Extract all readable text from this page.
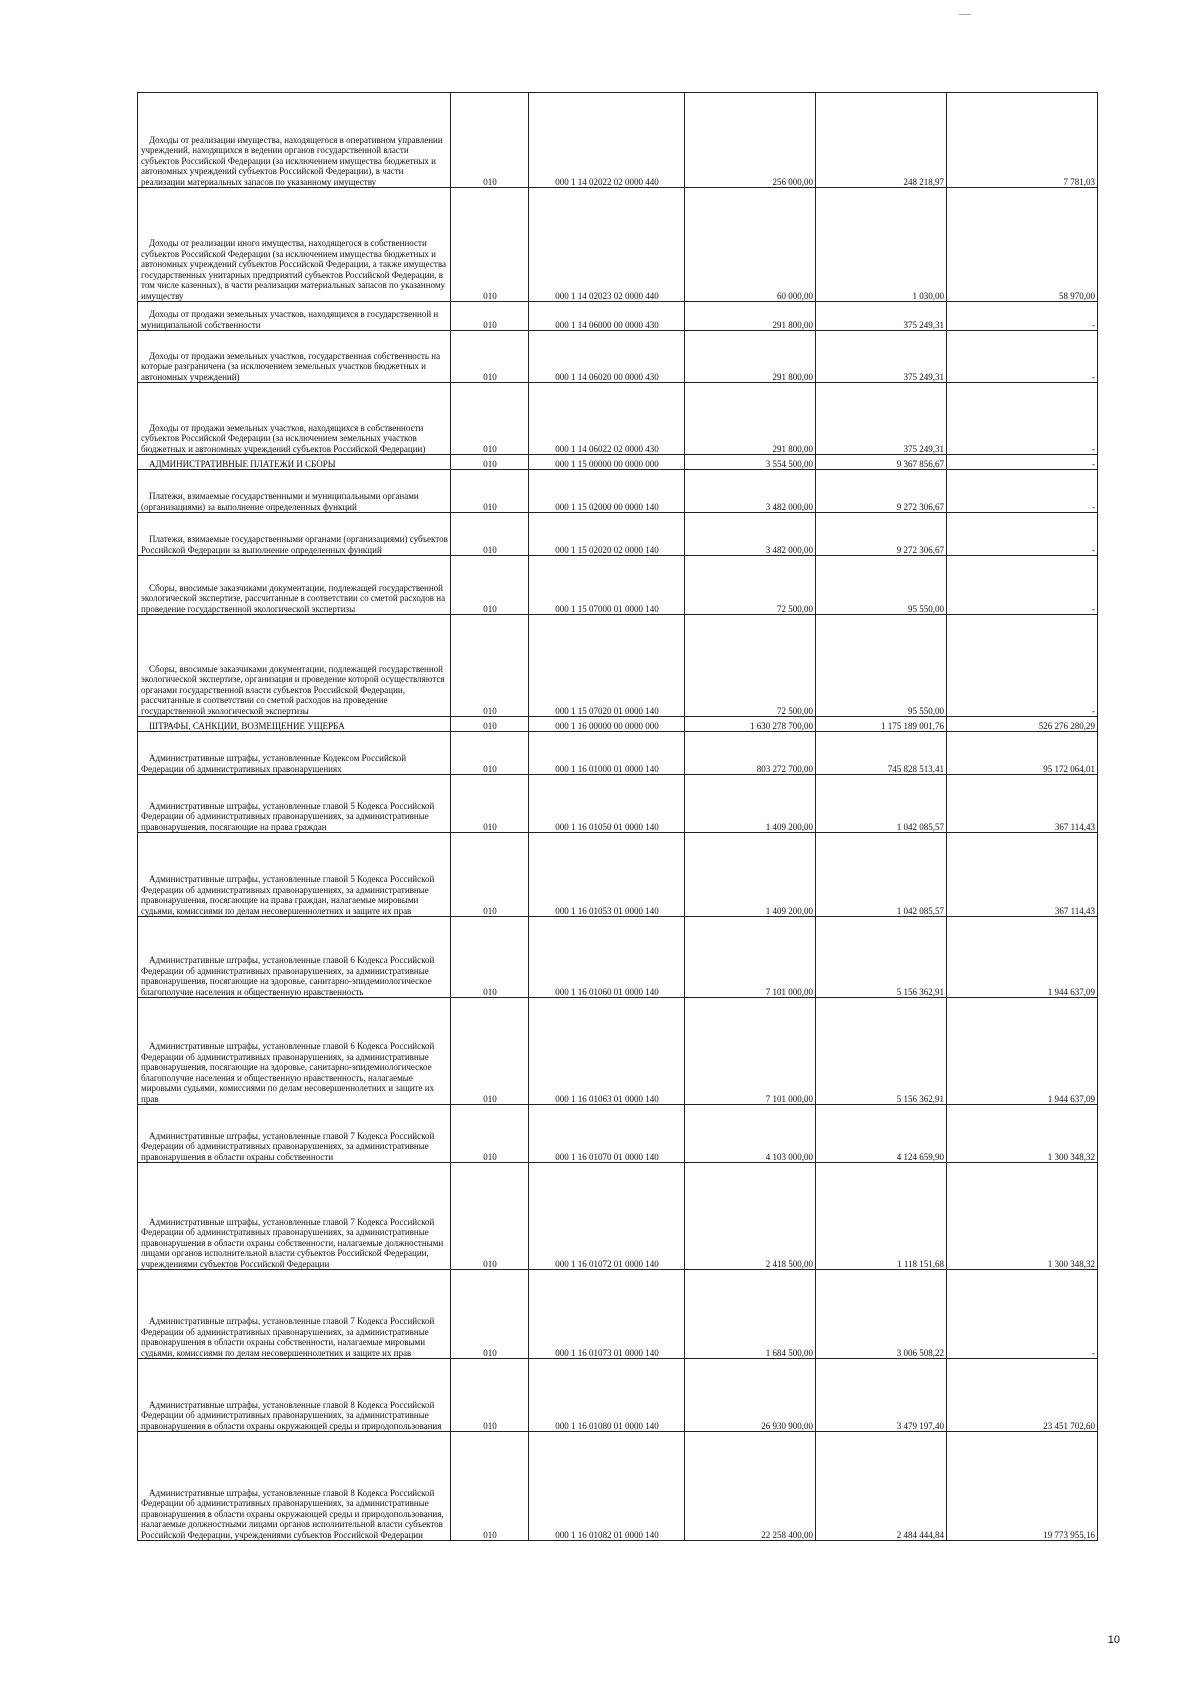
Доходы от реализации имущества, находящегося в оперативном управлении учреждений, находящихся в ведении органов государственной власти субъектов Российской Федерации (за исключением имущества бюджетных и автономных учреждений субъектов Российской Федерации), в части реализации материальных запасов по указанному имуществу	010	000 1 14 02022 02 0000 440	256 000,00	248 218,97	7 781,03
Доходы от реализации иного имущества, находящегося в собственности субъектов Российской Федерации (за исключением имущества бюджетных и автономных учреждений субъектов Российской Федерации, а также имущества государственных унитарных предприятий субъектов Российской Федерации, в том числе казенных), в части реализации материальных запасов по указанному имуществу	010	000 1 14 02023 02 0000 440	60 000,00	1 030,00	58 970,00
Доходы от продажи земельных участков, находящихся в государственной и муниципальной собственности	010	000 1 14 06000 00 0000 430	291 800,00	375 249,31	-
Доходы от продажи земельных участков, государственная собственность на которые разграничена (за исключением земельных участков бюджетных и автономных учреждений)	010	000 1 14 06020 00 0000 430	291 800,00	375 249,31	-
Доходы от продажи земельных участков, находящихся в собственности субъектов Российской Федерации (за исключением земельных участков бюджетных и автономных учреждений субъектов Российской Федерации)	010	000 1 14 06022 02 0000 430	291 800,00	375 249,31	-
АДМИНИСТРАТИВНЫЕ ПЛАТЕЖИ И СБОРЫ	010	000 1 15 00000 00 0000 000	3 554 500,00	9 367 856,67	-
Платежи, взимаемые государственными и муниципальными органами (организациями) за выполнение определенных функций	010	000 1 15 02000 00 0000 140	3 482 000,00	9 272 306,67	-
Платежи, взимаемые государственными органами (организациями) субъектов Российской Федерации за выполнение определенных функций	010	000 1 15 02020 02 0000 140	3 482 000,00	9 272 306,67	-
Сборы, вносимые заказчиками документации, подлежащей государственной экологической экспертизе, рассчитанные в соответствии со сметой расходов на проведение государственной экологической экспертизы	010	000 1 15 07000 01 0000 140	72 500,00	95 550,00	-
Сборы, вносимые заказчиками документации, подлежащей государственной экологической экспертизе, организация и проведение которой осуществляются органами государственной власти субъектов Российской Федерации, рассчитанные в соответствии со сметой расходов на проведение государственной экологической экспертизы	010	000 1 15 07020 01 0000 140	72 500,00	95 550,00	-
ШТРАФЫ, САНКЦИИ, ВОЗМЕЩЕНИЕ УЩЕРБА	010	000 1 16 00000 00 0000 000	1 630 278 700,00	1 175 189 001,76	526 276 280,29
Административные штрафы, установленные Кодексом Российской Федерации об административных правонарушениях	010	000 1 16 01000 01 0000 140	803 272 700,00	745 828 513,41	95 172 064,01
Административные штрафы, установленные главой 5 Кодекса Российской Федерации об административных правонарушениях, за административные правонарушения, посягающие на права граждан	010	000 1 16 01050 01 0000 140	1 409 200,00	1 042 085,57	367 114,43
Административные штрафы, установленные главой 5 Кодекса Российской Федерации об административных правонарушениях, за административные правонарушения, посягающие на права граждан, налагаемые мировыми судьями, комиссиями по делам несовершеннолетних и защите их прав	010	000 1 16 01053 01 0000 140	1 409 200,00	1 042 085,57	367 114,43
Административные штрафы, установленные главой 6 Кодекса Российской Федерации об административных правонарушениях, за административные правонарушения, посягающие на здоровье, санитарно-эпидемиологическое благополучие населения и общественную нравственность	010	000 1 16 01060 01 0000 140	7 101 000,00	5 156 362,91	1 944 637,09
Административные штрафы, установленные главой 6 Кодекса Российской Федерации об административных правонарушениях, за административные правонарушения, посягающие на здоровье, санитарно-эпидемиологическое благополучие населения и общественную нравственность, налагаемые мировыми судьями, комиссиями по делам несовершеннолетних и защите их прав	010	000 1 16 01063 01 0000 140	7 101 000,00	5 156 362,91	1 944 637,09
Административные штрафы, установленные главой 7 Кодекса Российской Федерации об административных правонарушениях, за административные правонарушения в области охраны собственности	010	000 1 16 01070 01 0000 140	4 103 000,00	4 124 659,90	1 300 348,32
Административные штрафы, установленные главой 7 Кодекса Российской Федерации об административных правонарушениях, за административные правонарушения в области охраны собственности, налагаемые должностными лицами органов исполнительной власти субъектов Российской Федерации, учреждениями субъектов Российской Федерации	010	000 1 16 01072 01 0000 140	2 418 500,00	1 118 151,68	1 300 348,32
Административные штрафы, установленные главой 7 Кодекса Российской Федерации об административных правонарушениях, за административные правонарушения в области охраны собственности, налагаемые мировыми судьями, комиссиями по делам несовершеннолетних и защите их прав	010	000 1 16 01073 01 0000 140	1 684 500,00	3 006 508,22	-
Административные штрафы, установленные главой 8 Кодекса Российской Федерации об административных правонарушениях, за административные правонарушения в области охраны окружающей среды и природопользования	010	000 1 16 01080 01 0000 140	26 930 900,00	3 479 197,40	23 451 702,60
Административные штрафы, установленные главой 8 Кодекса Российской Федерации об административных правонарушениях, за административные правонарушения в области охраны окружающей среды и природопользования, налагаемые должностными лицами органов исполнительной власти субъектов Российской Федерации, учреждениями субъектов Российской Федерации	010	000 1 16 01082 01 0000 140	22 258 400,00	2 484 444,84	19 773 955,16
10
